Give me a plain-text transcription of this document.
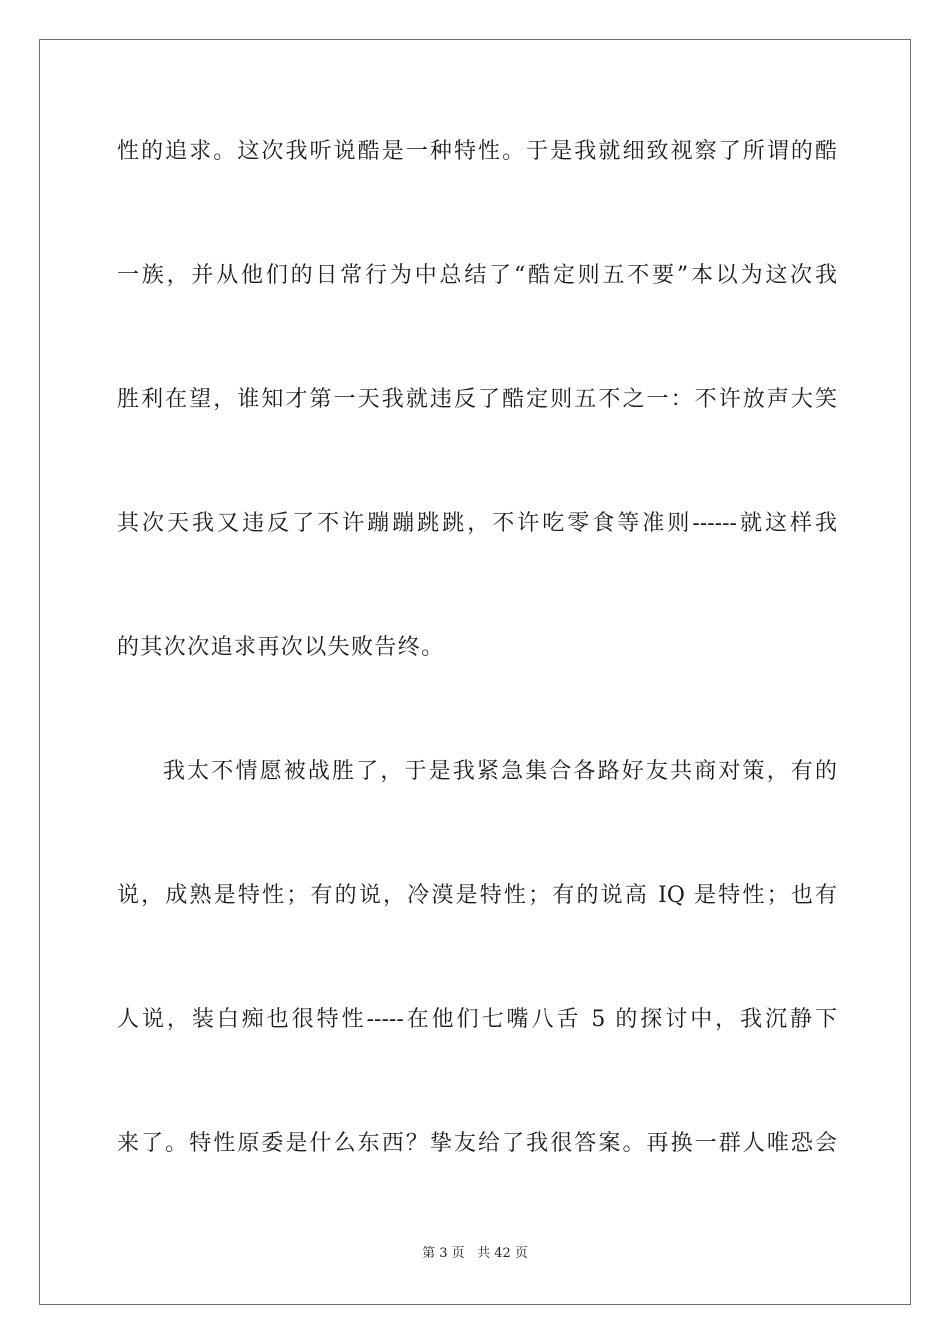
性的追求。这次我听说酷是一种特性。于是我就细致视察了所谓的酷
一族，并从他们的日常行为中总结了“酷定则五不要”本以为这次我
胜利在望，谁知才第一天我就违反了酷定则五不之一：不许放声大笑
其次天我又违反了不许蹦蹦跳跳，不许吃零食等准则------就这样我
的其次次追求再次以失败告终。
我太不情愿被战胜了，于是我紧急集合各路好友共商对策，有的
说，成熟是特性；有的说，冷漠是特性；有的说高 IQ 是特性；也有
人说，装白痴也很特性-----在他们七嘴八舌 5 的探讨中，我沉静下
来了。特性原委是什么东西？挚友给了我很答案。再换一群人唯恐会
第 3 页 共 42 页
